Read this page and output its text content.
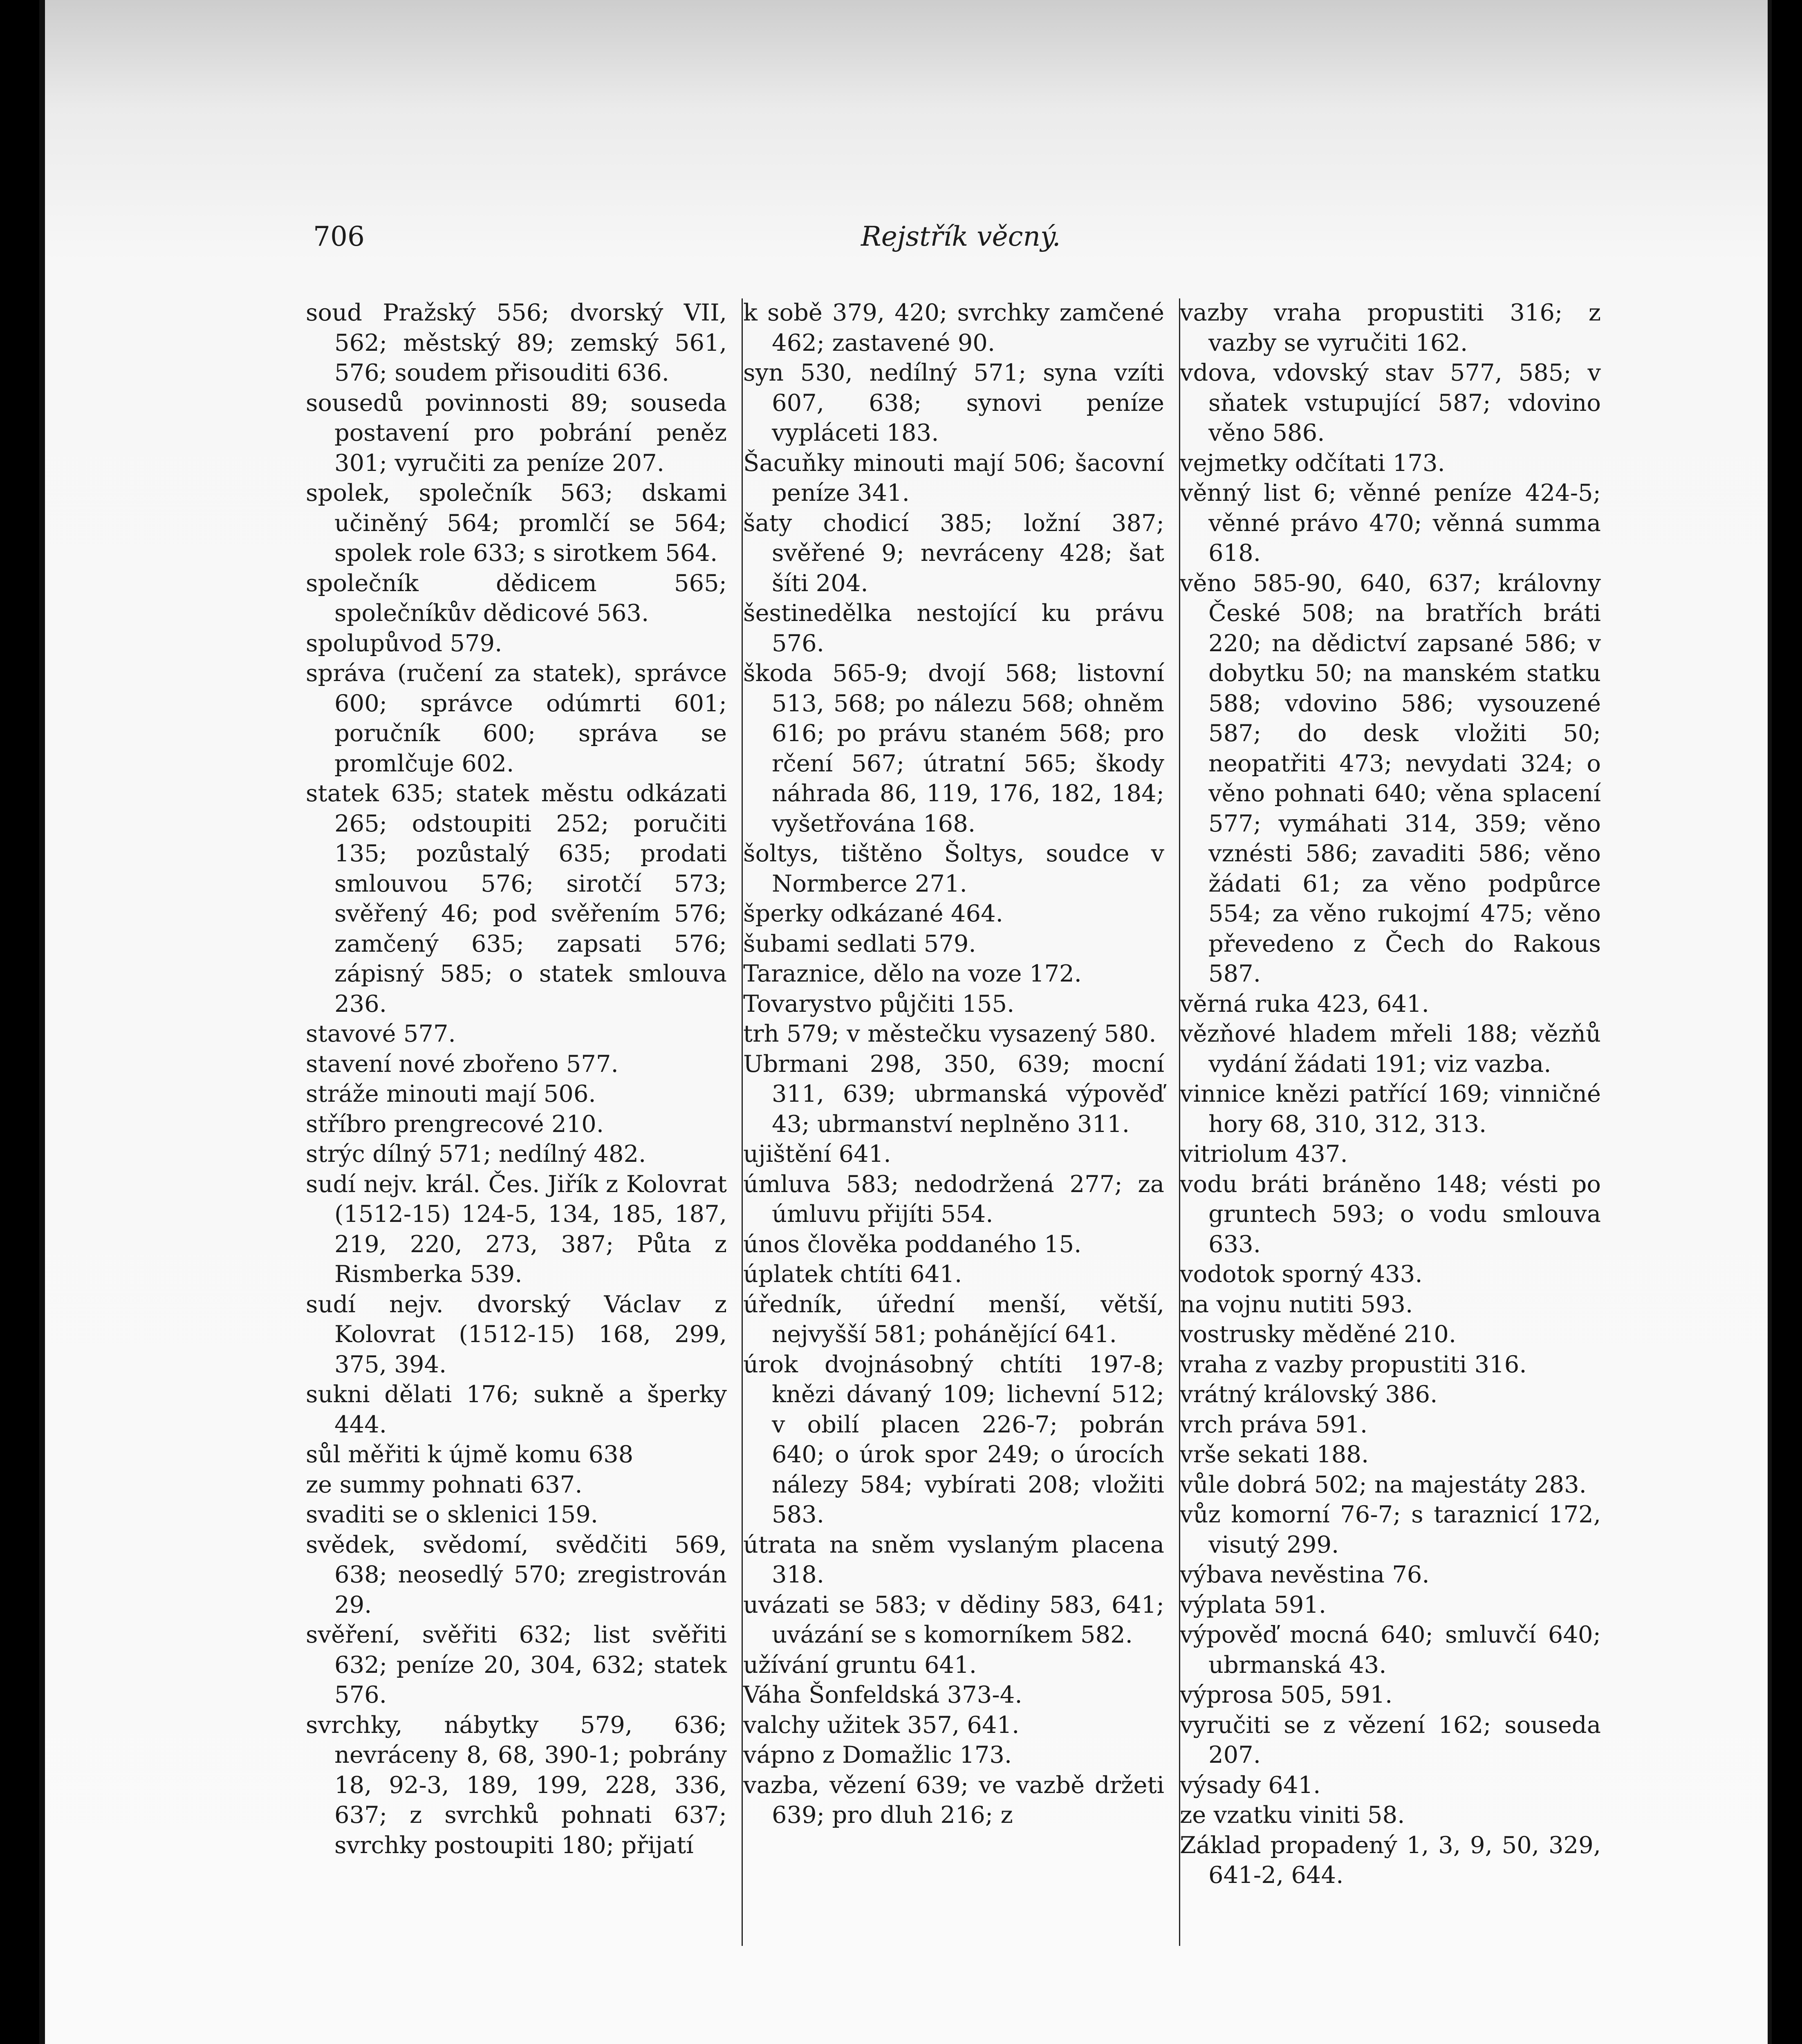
706	Rejstřík věcný.

soud Pražský 556; dvorský VII, 562; městský 89; zemský 561, 576; soudem přisouditi 636.

sousedů povinnosti 89; souseda postavení pro pobrání peněz 301; vyručiti za peníze 207.

spolek, společník 563; dskami učiněný 564; promlčí se 564; spolek role 633; s sirotkem 564.

společník dědicem 565; společníkův dědicové 563.

spolupůvod 579.

správa (ručení za statek), správce 600; správce odúmrti 601; poručník 600; správa se promlčuje 602.

statek 635; statek městu odkázati 265; odstoupiti 252; poručiti 135; pozůstalý 635; prodati smlouvou 576; sirotčí 573; svěřený 46; pod svěřením 576; zamčený 635; zapsati 576; zápisný 585; o statek smlouva 236.

stavové 577.

stavení nové zbořeno 577.

stráže minouti mají 506.

stříbro prengrecové 210.

strýc dílný 571; nedílný 482.

sudí nejv. král. Čes. Jiřík z Kolovrat (1512-15) 124-5, 134, 185, 187, 219, 220, 273, 387; Půta z Rismberka 539.

sudí nejv. dvorský Václav z Kolovrat (1512-15) 168, 299, 375, 394.

sukni dělati 176; sukně a šperky 444.

sůl měřiti k újmě komu 638

ze summy pohnati 637.

svaditi se o sklenici 159.

svědek, svědomí, svědčiti 569, 638; neosedlý 570; zregistrován 29.

svěření, svěřiti 632; list svěřiti 632; peníze 20, 304, 632; statek 576.

svrchky, nábytky 579, 636; nevráceny 8, 68, 390-1; pobrány 18, 92-3, 189, 199, 228, 336, 637; z svrchků pohnati 637; svrchky postoupiti 180; přijatí

k sobě 379, 420; svrchky zamčené 462; zastavené 90.

syn 530, nedílný 571; syna vzíti 607, 638; synovi peníze vypláceti 183.

Šacuňky minouti mají 506; šacovní peníze 341.

šaty chodicí 385; ložní 387; svěřené 9; nevráceny 428; šat šíti 204.

šestinedělka nestojící ku právu 576.

škoda 565-9; dvojí 568; listovní 513, 568; po nálezu 568; ohněm 616; po právu staném 568; pro rčení 567; útratní 565; škody náhrada 86, 119, 176, 182, 184; vyšetřována 168.

šoltys, tištěno Šoltys, soudce v Normberce 271.

šperky odkázané 464.

šubami sedlati 579.

Taraznice, dělo na voze 172.

Tovarystvo půjčiti 155.

trh 579; v městečku vysazený 580.

Ubrmani 298, 350, 639; mocní 311, 639; ubrmanská výpověď 43; ubrmanství neplněno 311.

ujištění 641.

úmluva 583; nedodržená 277; za úmluvu přijíti 554.

únos člověka poddaného 15.

úplatek chtíti 641.

úředník, úřední menší, větší, nejvyšší 581; pohánějící 641.

úrok dvojnásobný chtíti 197-8; knězi dávaný 109; lichevní 512; v obilí placen 226-7; pobrán 640; o úrok spor 249; o úrocích nálezy 584; vybírati 208; vložiti 583.

útrata na sněm vyslaným placena 318.

uvázati se 583; v dědiny 583, 641; uvázání se s komorníkem 582.

užívání gruntu 641.

Váha Šonfeldská 373-4.

valchy užitek 357, 641.

vápno z Domažlic 173.

vazba, vězení 639; ve vazbě držeti 639; pro dluh 216; z

vazby vraha propustiti 316; z vazby se vyručiti 162.

vdova, vdovský stav 577, 585; v sňatek vstupující 587; vdovino věno 586.

vejmetky odčítati 173.

věnný list 6; věnné peníze 424-5; věnné právo 470; věnná summa 618.

věno 585-90, 640, 637; královny České 508; na bratřích bráti 220; na dědictví zapsané 586; v dobytku 50; na manském statku 588; vdovino 586; vysouzené 587; do desk vložiti 50; neopatřiti 473; nevydati 324; o věno pohnati 640; věna splacení 577; vymáhati 314, 359; věno vznésti 586; zavaditi 586; věno žádati 61; za věno podpůrce 554; za věno rukojmí 475; věno převedeno z Čech do Rakous 587.

věrná ruka 423, 641.

vězňové hladem mřeli 188; vězňů vydání žádati 191; viz vazba.

vinnice knězi patřící 169; vinničné hory 68, 310, 312, 313.

vitriolum 437.

vodu bráti bráněno 148; vésti po gruntech 593; o vodu smlouva 633.

vodotok sporný 433.

na vojnu nutiti 593.

vostrusky měděné 210.

vraha z vazby propustiti 316.

vrátný královský 386.

vrch práva 591.

vrše sekati 188.

vůle dobrá 502; na majestáty 283.

vůz komorní 76-7; s taraznicí 172, visutý 299.

výbava nevěstina 76.

výplata 591.

výpověď mocná 640; smluvčí 640; ubrmanská 43.

výprosa 505, 591.

vyručiti se z vězení 162; souseda 207.

výsady 641.

ze vzatku viniti 58.

Základ propadený 1, 3, 9, 50, 329, 641-2, 644.
